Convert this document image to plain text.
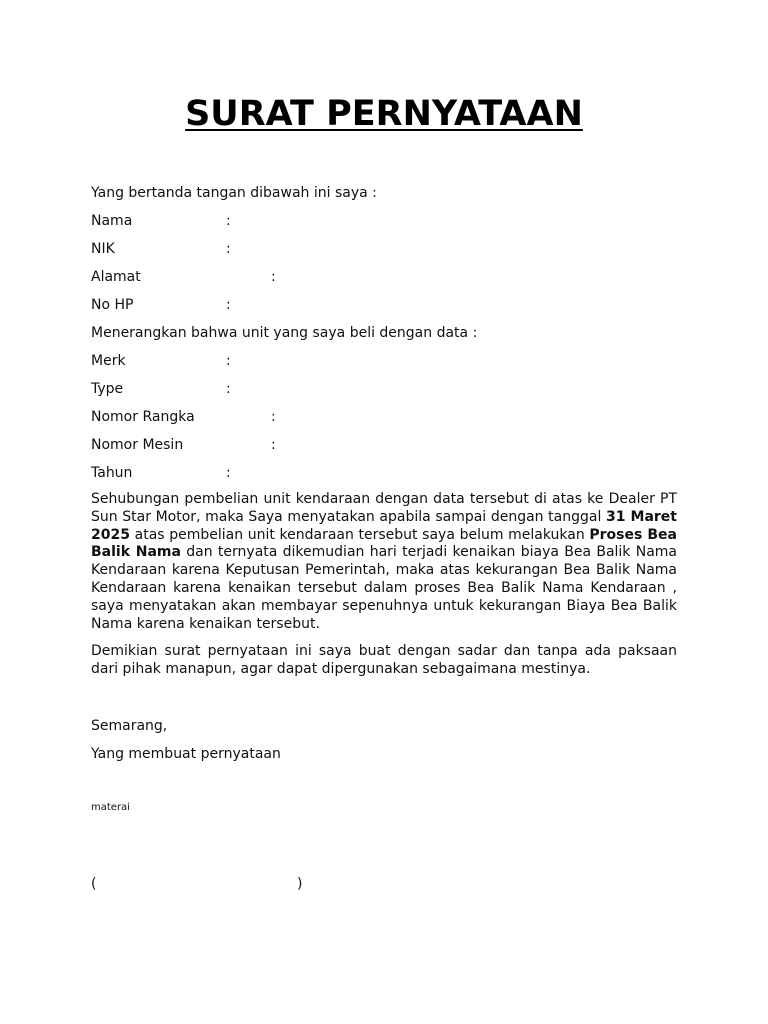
SURAT PERNYATAAN

Yang bertanda tangan dibawah ini saya :

Nama	:

NIK	:

Alamat	:

No HP	:

Menerangkan bahwa unit yang saya beli dengan data :

Merk	:

Type	:

Nomor Rangka	:

Nomor Mesin	:

Tahun	:

Sehubungan pembelian unit kendaraan dengan data tersebut di atas ke Dealer PT Sun Star Motor, maka Saya menyatakan apabila sampai dengan tanggal 31 Maret 2025 atas pembelian unit kendaraan tersebut saya belum melakukan Proses Bea Balik Nama dan ternyata dikemudian hari terjadi kenaikan biaya Bea Balik Nama Kendaraan karena Keputusan Pemerintah, maka atas kekurangan Bea Balik Nama Kendaraan karena kenaikan tersebut dalam proses Bea Balik Nama Kendaraan , saya menyatakan akan membayar sepenuhnya untuk kekurangan Biaya Bea Balik Nama karena kenaikan tersebut.

Demikian surat pernyataan ini saya buat dengan sadar dan tanpa ada paksaan dari pihak manapun, agar dapat dipergunakan sebagaimana mestinya.

Semarang,

Yang membuat pernyataan

materai

(	)
